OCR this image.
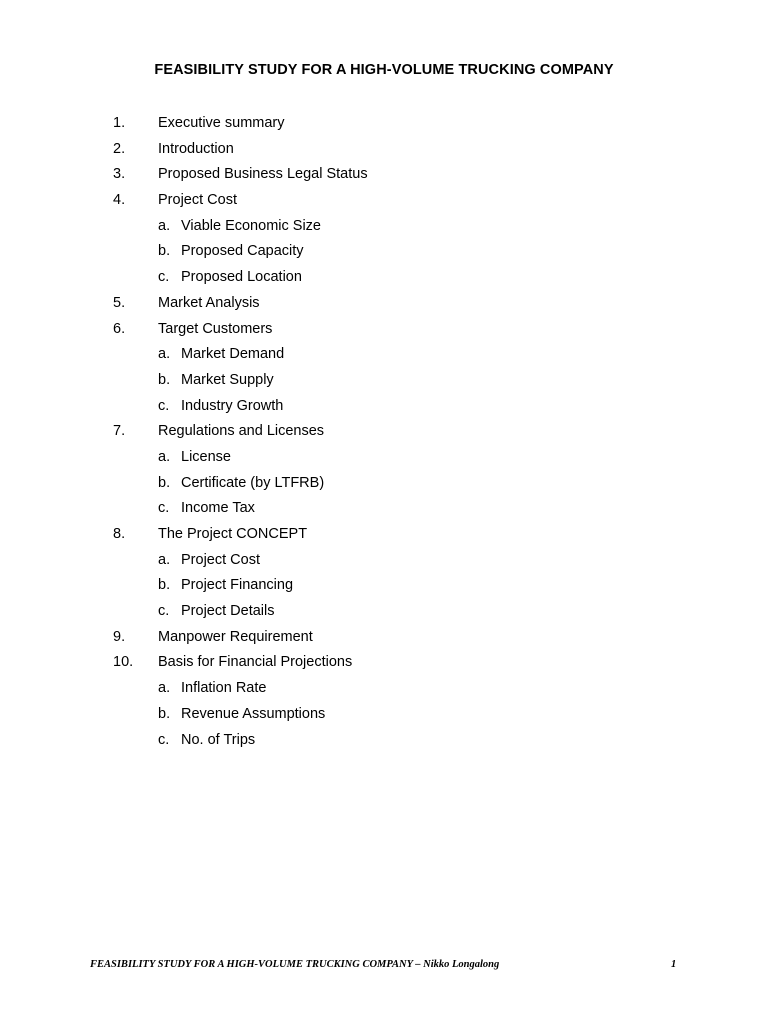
FEASIBILITY STUDY FOR A HIGH-VOLUME TRUCKING COMPANY
1. Executive summary
2. Introduction
3. Proposed Business Legal Status
4. Project Cost
a. Viable Economic Size
b. Proposed Capacity
c. Proposed Location
5. Market Analysis
6. Target Customers
a. Market Demand
b. Market Supply
c. Industry Growth
7. Regulations and Licenses
a. License
b. Certificate (by LTFRB)
c. Income Tax
8. The Project CONCEPT
a. Project Cost
b. Project Financing
c. Project Details
9. Manpower Requirement
10. Basis for Financial Projections
a. Inflation Rate
b. Revenue Assumptions
c. No. of Trips
FEASIBILITY STUDY FOR A HIGH-VOLUME TRUCKING COMPANY – Nikko Longalong	1
